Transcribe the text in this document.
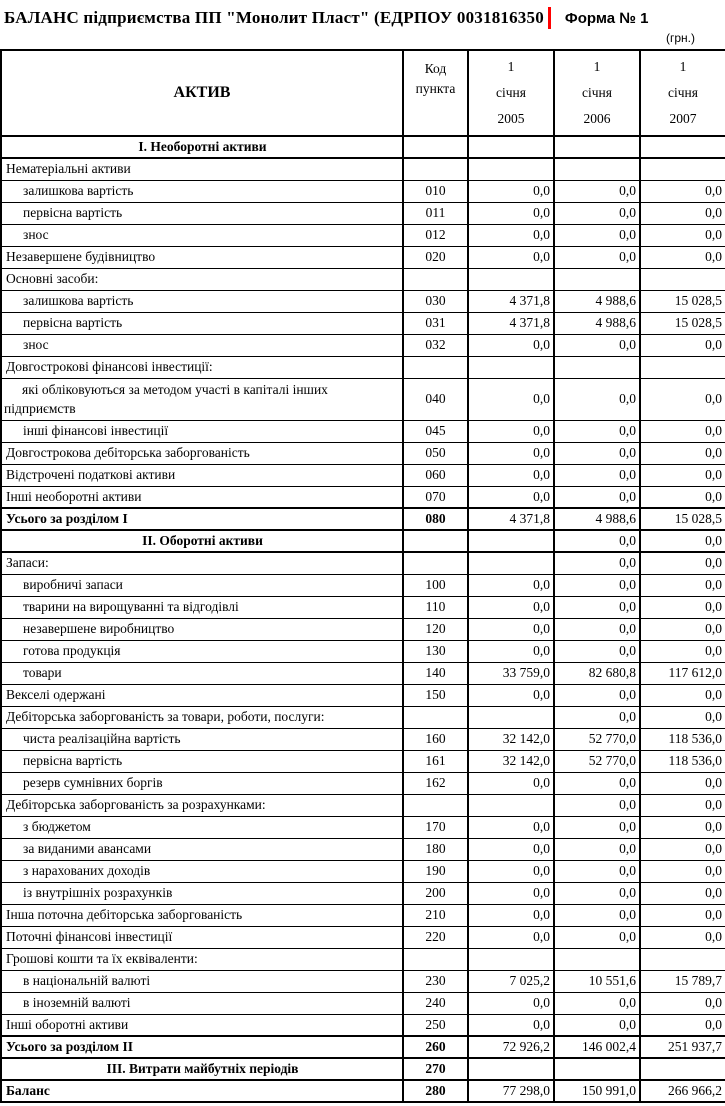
БАЛАНС підприємства ПП "Монолит Пласт" (ЕДРПОУ 0031816350 Форма № 1
(грн.)
АКТИВ	
Код
пункта

1
січня
2005

1
січня
2006

1
січня
2007

І. Необоротні активи				
Нематеріальні активи				
залишкова вартість	010	0,0	0,0	0,0
первісна вартість	011	0,0	0,0	0,0
знос	012	0,0	0,0	0,0
Незавершене будівництво	020	0,0	0,0	0,0
Основні засоби:				
залишкова вартість	030	4 371,8	4 988,6	15 028,5
первісна вартість	031	4 371,8	4 988,6	15 028,5
знос	032	0,0	0,0	0,0
Довгострокові фінансові інвестиції:				
які обліковуються за методом участі в капіталі інших підприємств	040	0,0	0,0	0,0
інші фінансові інвестиції	045	0,0	0,0	0,0
Довгострокова дебіторська заборгованість	050	0,0	0,0	0,0
Відстрочені податкові активи	060	0,0	0,0	0,0
Інші необоротні активи	070	0,0	0,0	0,0
Усього за розділом І	080	4 371,8	4 988,6	15 028,5
ІІ. Оборотні активи			0,0	0,0
Запаси:			0,0	0,0
виробничі запаси	100	0,0	0,0	0,0
тварини на вирощуванні та відгодівлі	110	0,0	0,0	0,0
незавершене виробництво	120	0,0	0,0	0,0
готова продукція	130	0,0	0,0	0,0
товари	140	33 759,0	82 680,8	117 612,0
Векселі одержані	150	0,0	0,0	0,0
Дебіторська заборгованість за товари, роботи, послуги:			0,0	0,0
чиста реалізаційна вартість	160	32 142,0	52 770,0	118 536,0
первісна вартість	161	32 142,0	52 770,0	118 536,0
резерв сумнівних боргів	162	0,0	0,0	0,0
Дебіторська заборгованість за розрахунками:			0,0	0,0
з бюджетом	170	0,0	0,0	0,0
за виданими авансами	180	0,0	0,0	0,0
з нарахованих доходів	190	0,0	0,0	0,0
із внутрішніх розрахунків	200	0,0	0,0	0,0
Інша поточна дебіторська заборгованість	210	0,0	0,0	0,0
Поточні фінансові інвестиції	220	0,0	0,0	0,0
Грошові кошти та їх еквіваленти:				
в національній валюті	230	7 025,2	10 551,6	15 789,7
в іноземній валюті	240	0,0	0,0	0,0
Інші оборотні активи	250	0,0	0,0	0,0
Усього за розділом ІІ	260	72 926,2	146 002,4	251 937,7
ІІІ. Витрати майбутніх періодів	270			
Баланс	280	77 298,0	150 991,0	266 966,2
